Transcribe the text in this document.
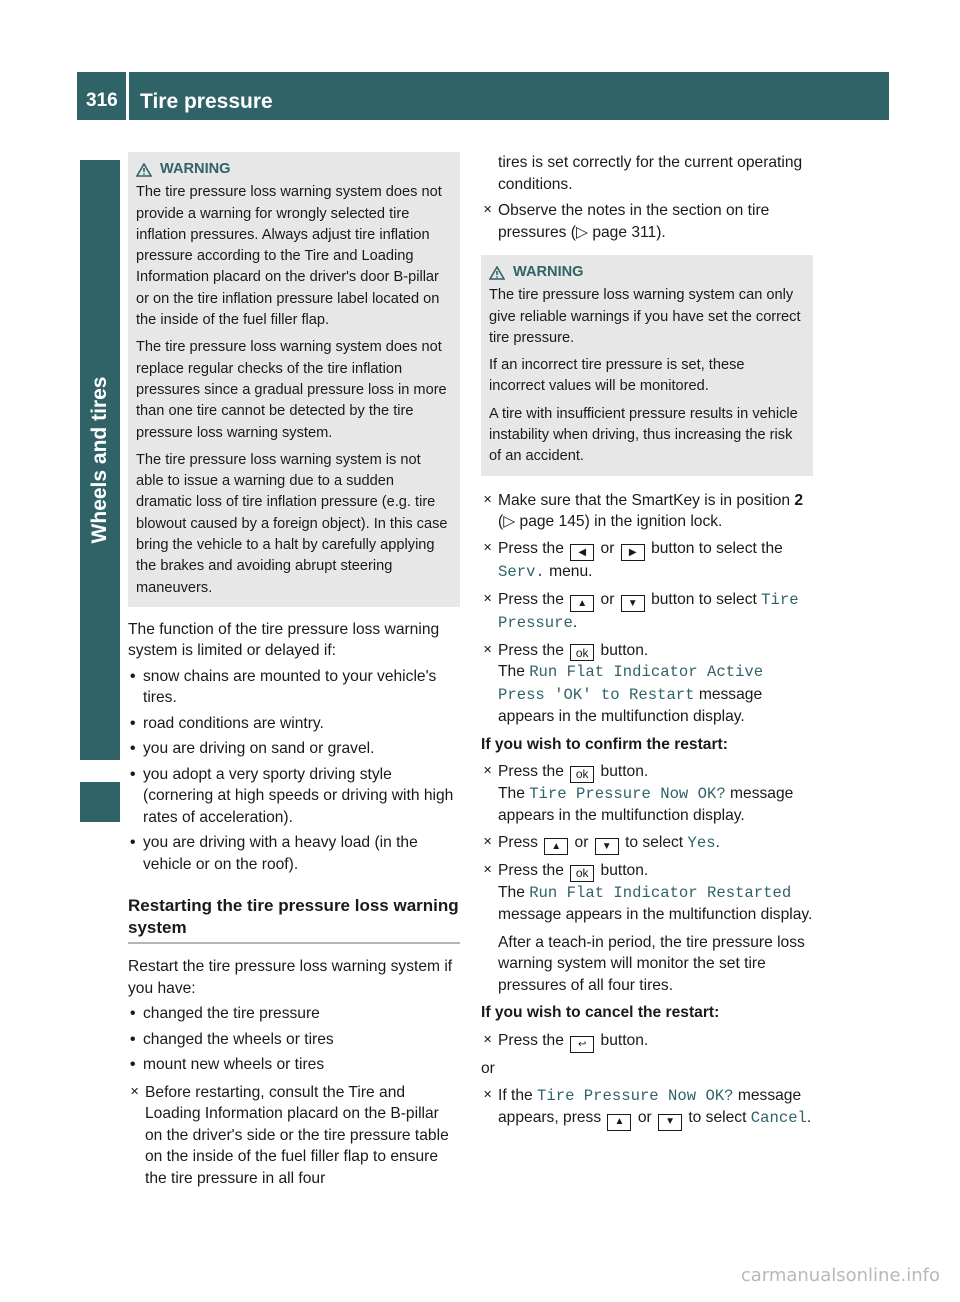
316 Tire pressure
Wheels and tires
WARNING

The tire pressure loss warning system does not provide a warning for wrongly selected tire inflation pressures. Always adjust tire inflation pressure according to the Tire and Loading Information placard on the driver's door B-pillar or on the tire inflation pressure label located on the inside of the fuel filler flap.

The tire pressure loss warning system does not replace regular checks of the tire inflation pressures since a gradual pressure loss in more than one tire cannot be detected by the tire pressure loss warning system.

The tire pressure loss warning system is not able to issue a warning due to a sudden dramatic loss of tire inflation pressure (e.g. tire blowout caused by a foreign object). In this case bring the vehicle to a halt by carefully applying the brakes and avoiding abrupt steering maneuvers.

The function of the tire pressure loss warning system is limited or delayed if:

• snow chains are mounted to your vehicle's tires.
• road conditions are wintry.
• you are driving on sand or gravel.
• you adopt a very sporty driving style (cornering at high speeds or driving with high rates of acceleration).
• you are driving with a heavy load (in the vehicle or on the roof).
Restarting the tire pressure loss warning system

Restart the tire pressure loss warning system if you have:

• changed the tire pressure
• changed the wheels or tires
• mount new wheels or tires
✕ Before restarting, consult the Tire and Loading Information placard on the B-pillar on the driver's side or the tire pressure table on the inside of the fuel filler flap to ensure the tire pressure in all four
tires is set correctly for the current operating conditions.
✕ Observe the notes in the section on tire pressures (▷ page 311).
WARNING

The tire pressure loss warning system can only give reliable warnings if you have set the correct tire pressure.

If an incorrect tire pressure is set, these incorrect values will be monitored.

A tire with insufficient pressure results in vehicle instability when driving, thus increasing the risk of an accident.

✕ Make sure that the SmartKey is in position 2 (▷ page 145) in the ignition lock.
✕ Press the ◀ or ▶ button to select the Serv. menu.
✕ Press the ▲ or ▼ button to select Tire Pressure.
✕ Press the ok button.
The Run Flat Indicator Active
Press 'OK' to Restart message appears in the multifunction display.

If you wish to confirm the restart:
✕ Press the ok button.
The Tire Pressure Now OK? message appears in the multifunction display.

✕ Press ▲ or ▼ to select Yes.
✕ Press the ok button.
The Run Flat Indicator Restarted message appears in the multifunction display.

After a teach-in period, the tire pressure loss warning system will monitor the set tire pressures of all four tires.

If you wish to cancel the restart:
✕ Press the ↩ button.
or
✕ If the Tire Pressure Now OK? message appears, press ▲ or ▼ to select Cancel.
carmanualsonline.info
